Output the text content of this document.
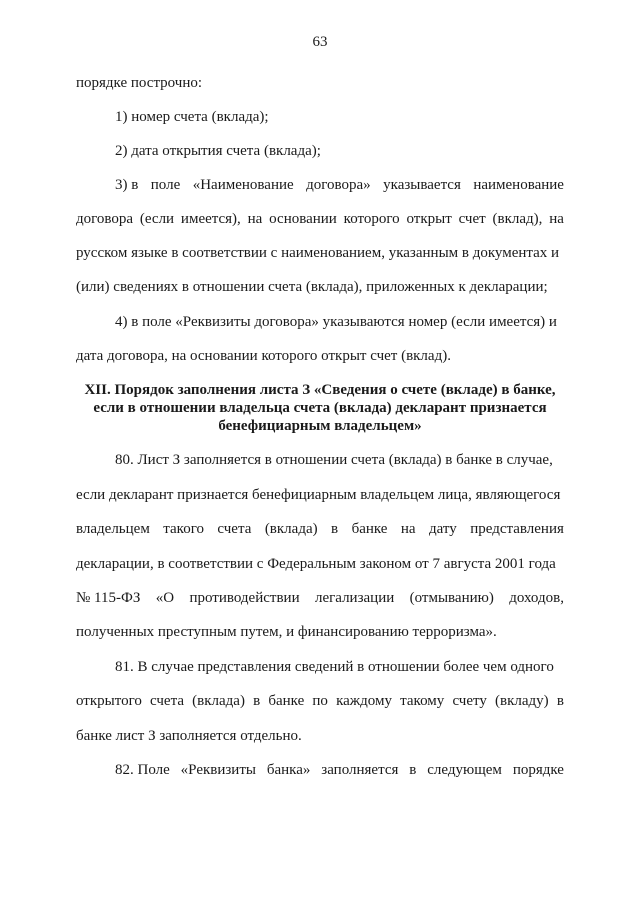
63
порядке построчно:
1) номер счета (вклада);
2) дата открытия счета (вклада);
3) в поле «Наименование договора» указывается наименование
договора (если имеется), на основании которого открыт счет (вклад), на
русском языке в соответствии с наименованием, указанным в документах и
(или) сведениях в отношении счета (вклада), приложенных к декларации;
4) в поле «Реквизиты договора» указываются номер (если имеется) и
дата договора, на основании которого открыт счет (вклад).
XII. Порядок заполнения листа З «Сведения о счете (вкладе) в банке,
если в отношении владельца счета (вклада) декларант признается
бенефициарным владельцем»
80. Лист З заполняется в отношении счета (вклада) в банке в случае,
если декларант признается бенефициарным владельцем лица, являющегося
владельцем такого счета (вклада) в банке на дату представления
декларации, в соответствии с Федеральным законом от 7 августа 2001 года
№ 115-ФЗ «О противодействии легализации (отмыванию) доходов,
полученных преступным путем, и финансированию терроризма».
81. В случае представления сведений в отношении более чем одного
открытого счета (вклада) в банке по каждому такому счету (вкладу) в
банке лист З заполняется отдельно.
82. Поле «Реквизиты банка» заполняется в следующем порядке
